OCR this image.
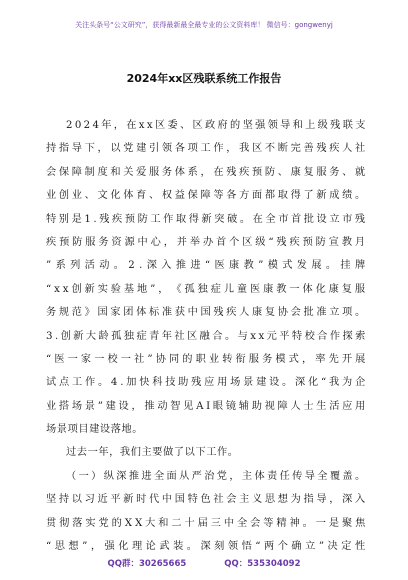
关注头条号“公文研究”，获得最新最全最专业的公文资料库！ 微信号：gongwenyj
2024年xx区残联系统工作报告
2 0 2 4 年 ， 在 x x 区 委 、 区 政 府 的 坚 强 领 导 和 上 级 残 联 支
持 指 导 下 ， 以 党 建 引 领 各 项 工 作 ， 我 区 不 断 完 善 残 疾 人 社
会 保 障 制 度 和 关 爱 服 务 体 系 ， 在 残 疾 预 防 、 康 复 服 务 、 就
业 创 业 、 文 化 体 育 、 权 益 保 障 等 各 方 面 都 取 得 了 新 成 绩 。
特 别 是 1 . 残 疾 预 防 工 作 取 得 新 突 破 。 在 全 市 首 批 设 立 市 残
疾 预 防 服 务 资 源 中 心 ， 并 举 办 首 个 区 级 “ 残 疾 预 防 宣 教 月
” 系 列 活 动 。 2 . 深 入 推 进 “ 医 康 教 ” 模 式 发 展 。 挂 牌
“ x x 创 新 实 验 基 地 ” ， 《 孤 独 症 儿 童 医 康 教 一 体 化 康 复 服
务 规 范 》 国 家 团 体 标 准 获 中 国 残 疾 人 康 复 协 会 批 准 立 项 。
3 . 创 新 大 龄 孤 独 症 青 年 社 区 融 合 。 与 x x 元 平 特 校 合 作 探 索
“ 医 一 家 一 校 一 社 ” 协 同 的 职 业 转 衔 服 务 模 式 ， 率 先 开 展
试 点 工 作 。 4 . 加 快 科 技 助 残 应 用 场 景 建 设 。 深 化 “ 我 为 企
业 搭 场 景 ” 建 设 ， 推 动 智 见 A I 眼 镜 辅 助 视 障 人 士 生 活 应 用
场景项目建设落地。
过去一年，我们主要做了以下工作。
（ 一 ） 纵 深 推 进 全 面 从 严 治 党 ， 主 体 责 任 传 导 全 覆 盖 。
坚 持 以 习 近 平 新 时 代 中 国 特 色 社 会 主 义 思 想 为 指 导 ， 深 入
贯 彻 落 实 党 的 X X 大 和 二 十 届 三 中 全 会 等 精 神 。 一 是 聚 焦
“ 思 想 ” ， 强 化 理 论 武 装 。 深 刻 领 悟 “ 两 个 确 立 ” 决 定 性
QQ群：30265665	QQ：535304092
